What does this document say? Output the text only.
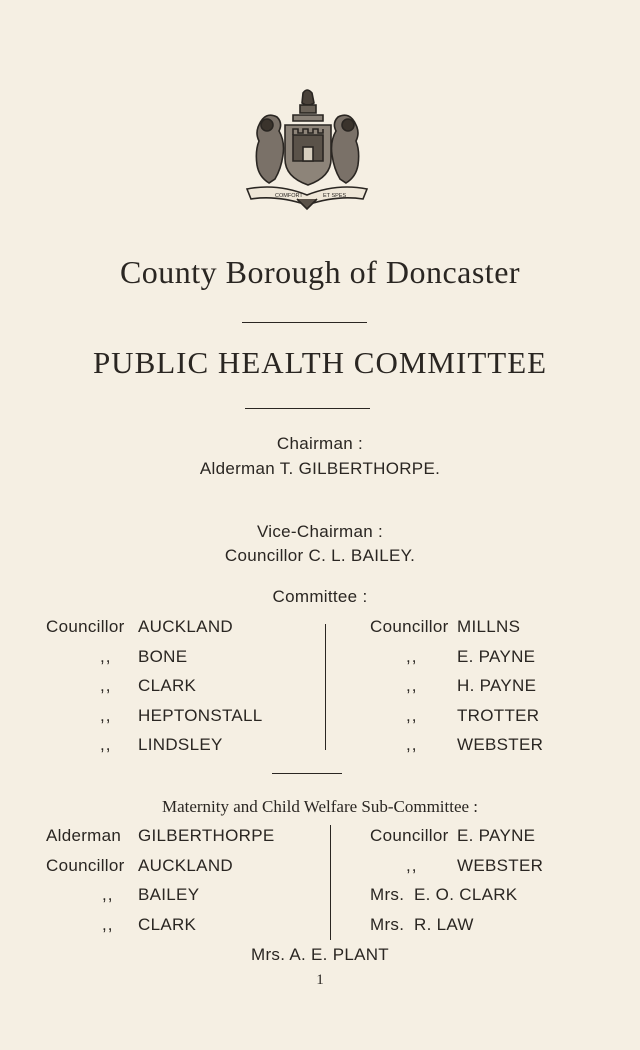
COMFORT	ET SPES
County Borough of Doncaster
PUBLIC HEALTH COMMITTEE
Chairman :
Alderman T. GILBERTHORPE.
Vice-Chairman :
Councillor C. L. BAILEY.
Committee :
Councillor AUCKLAND
,, BONE
,, CLARK
,, HEPTONSTALL
,, LINDSLEY
Councillor MILLNS
,, E. PAYNE
,, H. PAYNE
,, TROTTER
,, WEBSTER
Maternity and Child Welfare Sub-Committee :
Alderman GILBERTHORPE
Councillor AUCKLAND
,, BAILEY
,, CLARK
Councillor E. PAYNE
,, WEBSTER
Mrs. E. O. CLARK
Mrs. R. LAW
Mrs. A. E. PLANT
1
